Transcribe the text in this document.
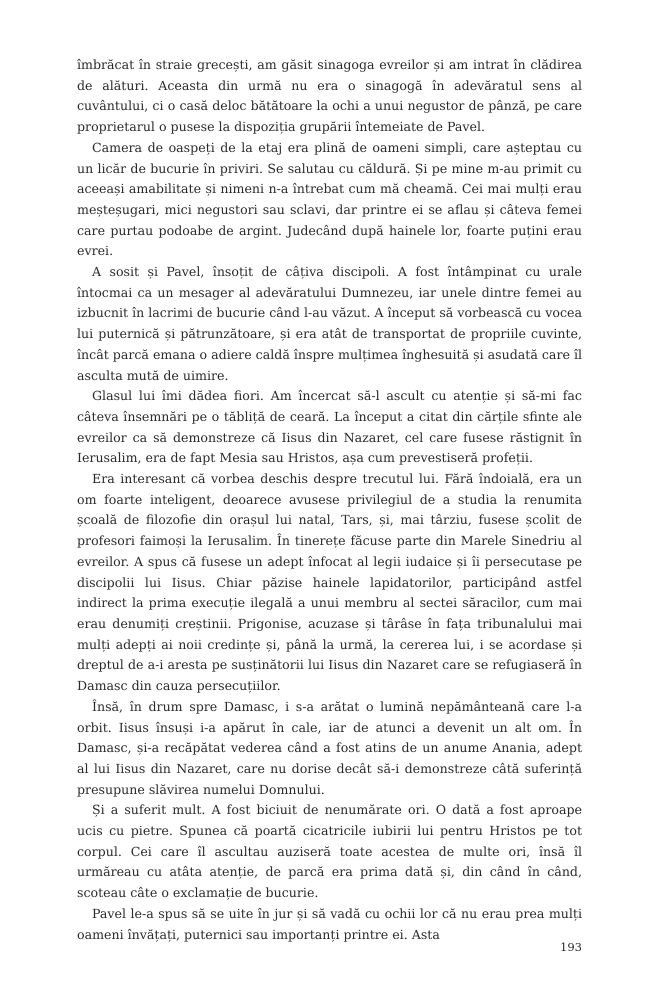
îmbrăcat în straie grecești, am găsit sinagoga evreilor și am intrat în clădirea de alături. Aceasta din urmă nu era o sinagogă în adevăratul sens al cuvântului, ci o casă deloc bătătoare la ochi a unui negustor de pânză, pe care proprietarul o pusese la dispoziția grupării întemeiate de Pavel.

Camera de oaspeți de la etaj era plină de oameni simpli, care așteptau cu un licăr de bucurie în priviri. Se salutau cu căldură. Și pe mine m-au primit cu aceeași amabilitate și nimeni n-a întrebat cum mă cheamă. Cei mai mulți erau meșteșugari, mici negustori sau sclavi, dar printre ei se aflau și câteva femei care purtau podoabe de argint. Judecând după hainele lor, foarte puțini erau evrei.

A sosit și Pavel, însoțit de câțiva discipoli. A fost întâmpinat cu urale întocmai ca un mesager al adevăratului Dumnezeu, iar unele dintre femei au izbucnit în lacrimi de bucurie când l-au văzut. A început să vorbească cu vocea lui puternică și pătrunzătoare, și era atât de transportat de propriile cuvinte, încât parcă emana o adiere caldă înspre mulțimea înghesuită și asudată care îl asculta mută de uimire.

Glasul lui îmi dădea fiori. Am încercat să-l ascult cu atenție și să-mi fac câteva însemnări pe o tăbliță de ceară. La început a citat din cărțile sfinte ale evreilor ca să demonstreze că Iisus din Nazaret, cel care fusese răstignit în Ierusalim, era de fapt Mesia sau Hristos, așa cum prevestiseră profeții.

Era interesant că vorbea deschis despre trecutul lui. Fără îndoială, era un om foarte inteligent, deoarece avusese privilegiul de a studia la renumita școală de filozofie din orașul lui natal, Tars, și, mai târziu, fusese școlit de profesori faimoși la Ierusalim. În tinerețe făcuse parte din Marele Sinedriu al evreilor. A spus că fusese un adept înfocat al legii iudaice și îi persecutase pe discipolii lui Iisus. Chiar păzise hainele lapidatorilor, participând astfel indirect la prima execuție ilegală a unui membru al sectei săracilor, cum mai erau denumiți creștinii. Prigonise, acuzase și târâse în fața tribunalului mai mulți adepți ai noii credințe și, până la urmă, la cererea lui, i se acordase și dreptul de a-i aresta pe susținătorii lui Iisus din Nazaret care se refugiaseră în Damasc din cauza persecuțiilor.

Însă, în drum spre Damasc, i s-a arătat o lumină nepământeană care l-a orbit. Iisus însuși i-a apărut în cale, iar de atunci a devenit un alt om. În Damasc, și-a recăpătat vederea când a fost atins de un anume Anania, adept al lui Iisus din Nazaret, care nu dorise decât să-i demonstreze câtă suferință presupune slăvirea numelui Domnului.

Și a suferit mult. A fost biciuit de nenumărate ori. O dată a fost aproape ucis cu pietre. Spunea că poartă cicatricile iubirii lui pentru Hristos pe tot corpul. Cei care îl ascultau auziseră toate acestea de multe ori, însă îl urmăreau cu atâta atenție, de parcă era prima dată și, din când în când, scoteau câte o exclamație de bucurie.

Pavel le-a spus să se uite în jur și să vadă cu ochii lor că nu erau prea mulți oameni învățați, puternici sau importanți printre ei. Asta

193
